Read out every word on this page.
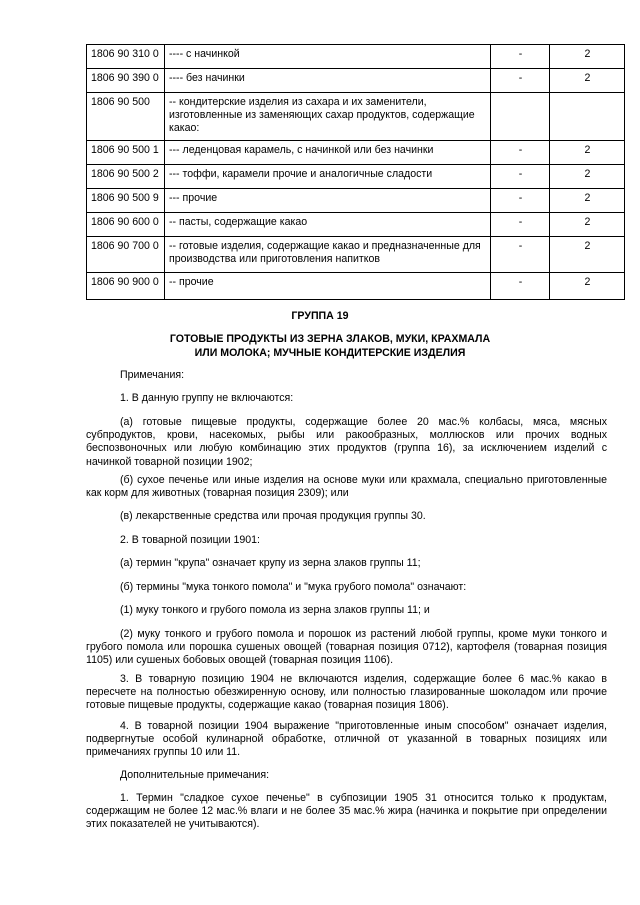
1806 90 310 0	---- с начинкой	-	2
1806 90 390 0	---- без начинки	-	2
1806 90 500	-- кондитерские изделия из сахара и их заменители, изготовленные из заменяющих сахар продуктов, содержащие какао:		
1806 90 500 1	--- леденцовая карамель, с начинкой или без начинки	-	2
1806 90 500 2	--- тоффи, карамели прочие и аналогичные сладости	-	2
1806 90 500 9	--- прочие	-	2
1806 90 600 0	-- пасты, содержащие какао	-	2
1806 90 700 0	-- готовые изделия, содержащие какао и предназначенные для производства или приготовления напитков	-	2
1806 90 900 0	-- прочие	-	2
ГРУППА 19
ГОТОВЫЕ ПРОДУКТЫ ИЗ ЗЕРНА ЗЛАКОВ, МУКИ, КРАХМАЛА
ИЛИ МОЛОКА; МУЧНЫЕ КОНДИТЕРСКИЕ ИЗДЕЛИЯ
Примечания:
1. В данную группу не включаются:
(а) готовые пищевые продукты, содержащие более 20 мас.% колбасы, мяса, мясных субпродуктов, крови, насекомых, рыбы или ракообразных, моллюсков или прочих водных беспозвоночных или любую комбинацию этих продуктов (группа 16), за исключением изделий с начинкой товарной позиции 1902;
(б) сухое печенье или иные изделия на основе муки или крахмала, специально приготовленные как корм для животных (товарная позиция 2309); или
(в) лекарственные средства или прочая продукция группы 30.
2. В товарной позиции 1901:
(а) термин "крупа" означает крупу из зерна злаков группы 11;
(б) термины "мука тонкого помола" и "мука грубого помола" означают:
(1) муку тонкого и грубого помола из зерна злаков группы 11; и
(2) муку тонкого и грубого помола и порошок из растений любой группы, кроме муки тонкого и грубого помола или порошка сушеных овощей (товарная позиция 0712), картофеля (товарная позиция 1105) или сушеных бобовых овощей (товарная позиция 1106).
3. В товарную позицию 1904 не включаются изделия, содержащие более 6 мас.% какао в пересчете на полностью обезжиренную основу, или полностью глазированные шоколадом или прочие готовые пищевые продукты, содержащие какао (товарная позиция 1806).
4. В товарной позиции 1904 выражение "приготовленные иным способом" означает изделия, подвергнутые особой кулинарной обработке, отличной от указанной в товарных позициях или примечаниях группы 10 или 11.
Дополнительные примечания:
1. Термин "сладкое сухое печенье" в субпозиции 1905 31 относится только к продуктам, содержащим не более 12 мас.% влаги и не более 35 мас.% жира (начинка и покрытие при определении этих показателей не учитываются).
